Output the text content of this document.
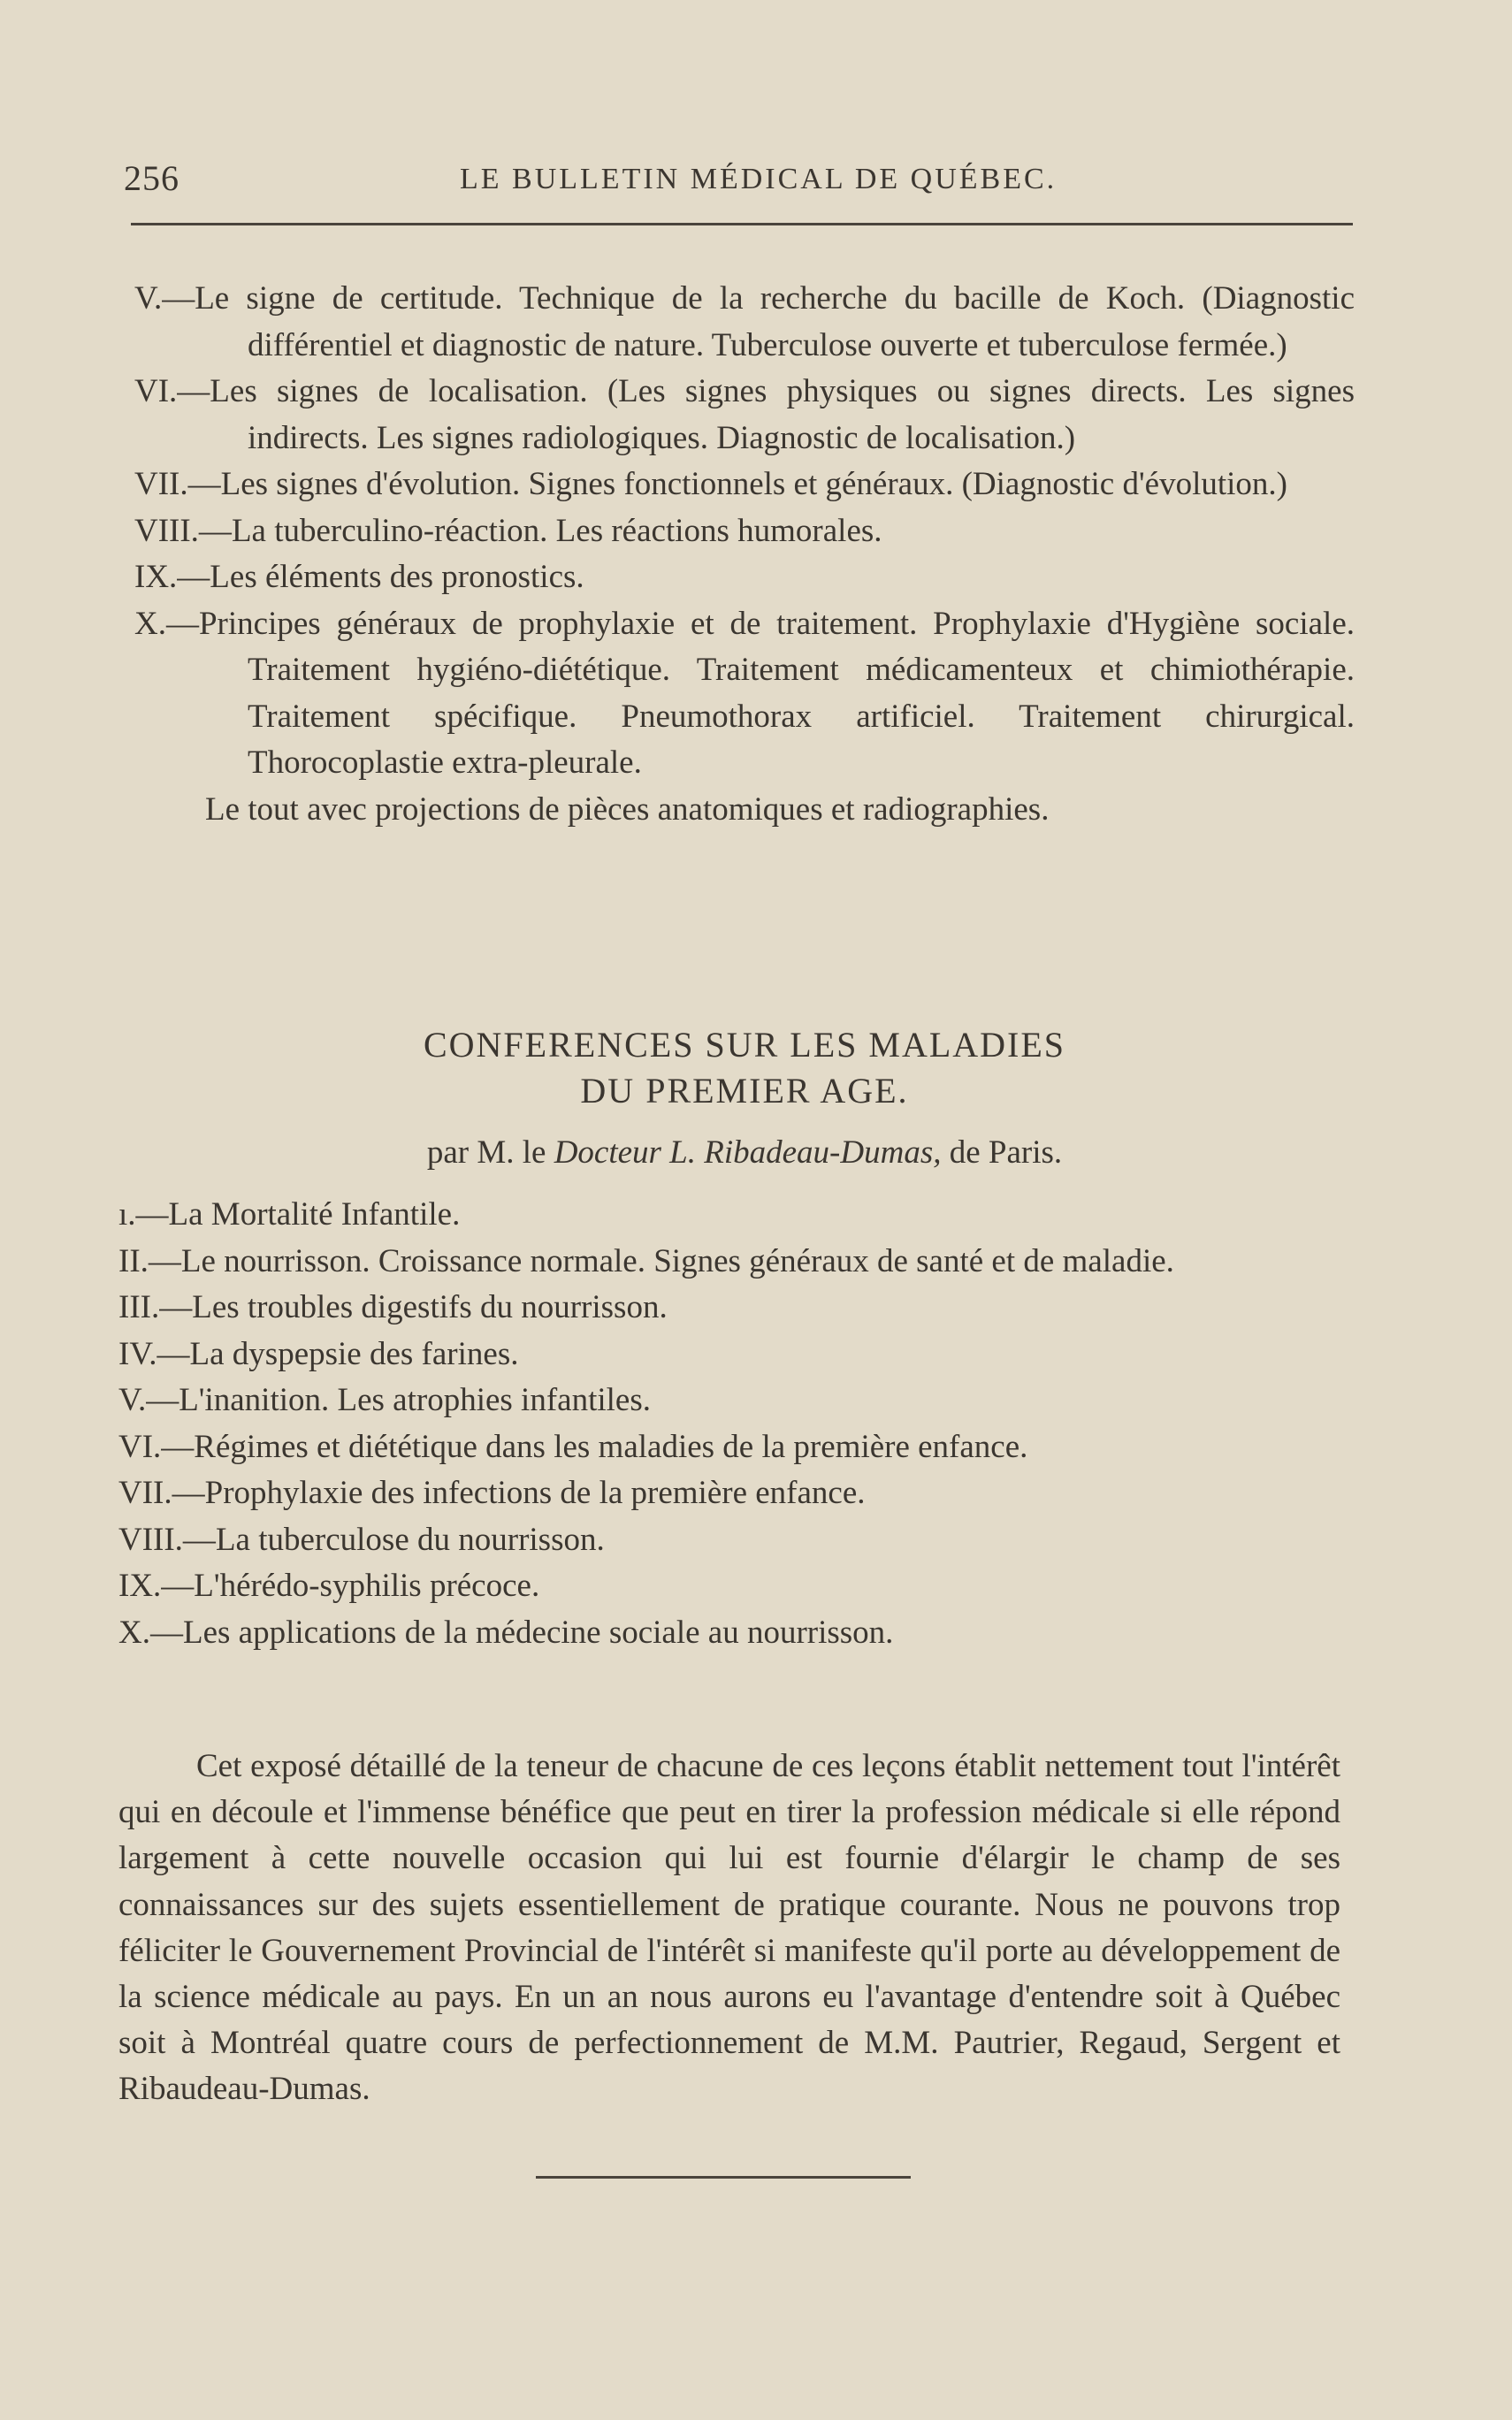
256	LE BULLETIN MÉDICAL DE QUÉBEC.
V.—Le signe de certitude. Technique de la recherche du bacille de Koch. (Diagnostic différentiel et diagnostic de nature. Tuberculose ouverte et tuberculose fermée.)
VI.—Les signes de localisation. (Les signes physiques ou signes directs. Les signes indirects. Les signes radiologiques. Diagnostic de localisation.)
VII.—Les signes d'évolution. Signes fonctionnels et généraux. (Diagnostic d'évolution.)
VIII.—La tuberculino-réaction. Les réactions humorales.
IX.—Les éléments des pronostics.
X.—Principes généraux de prophylaxie et de traitement. Prophylaxie d'Hygiène sociale. Traitement hygiéno-diététique. Traitement médicamenteux et chimiothérapie. Traitement spécifique. Pneumothorax artificiel. Traitement chirurgical. Thorocoplastie extra-pleurale.
Le tout avec projections de pièces anatomiques et radiographies.
CONFERENCES SUR LES MALADIES
DU PREMIER AGE.
par M. le Docteur L. Ribadeau-Dumas, de Paris.
ı.—La Mortalité Infantile.
II.—Le nourrisson. Croissance normale. Signes généraux de santé et de maladie.
III.—Les troubles digestifs du nourrisson.
IV.—La dyspepsie des farines.
V.—L'inanition. Les atrophies infantiles.
VI.—Régimes et diététique dans les maladies de la première enfance.
VII.—Prophylaxie des infections de la première enfance.
VIII.—La tuberculose du nourrisson.
IX.—L'hérédo-syphilis précoce.
X.—Les applications de la médecine sociale au nourrisson.
Cet exposé détaillé de la teneur de chacune de ces leçons établit nettement tout l'intérêt qui en découle et l'immense bénéfice que peut en tirer la profession médicale si elle répond largement à cette nouvelle occasion qui lui est fournie d'élargir le champ de ses connaissances sur des sujets essentiellement de pratique courante. Nous ne pouvons trop féliciter le Gouvernement Provincial de l'intérêt si manifeste qu'il porte au développement de la science médicale au pays. En un an nous aurons eu l'avantage d'entendre soit à Québec soit à Montréal quatre cours de perfectionnement de M.M. Pautrier, Regaud, Sergent et Ribaudeau-Dumas.
